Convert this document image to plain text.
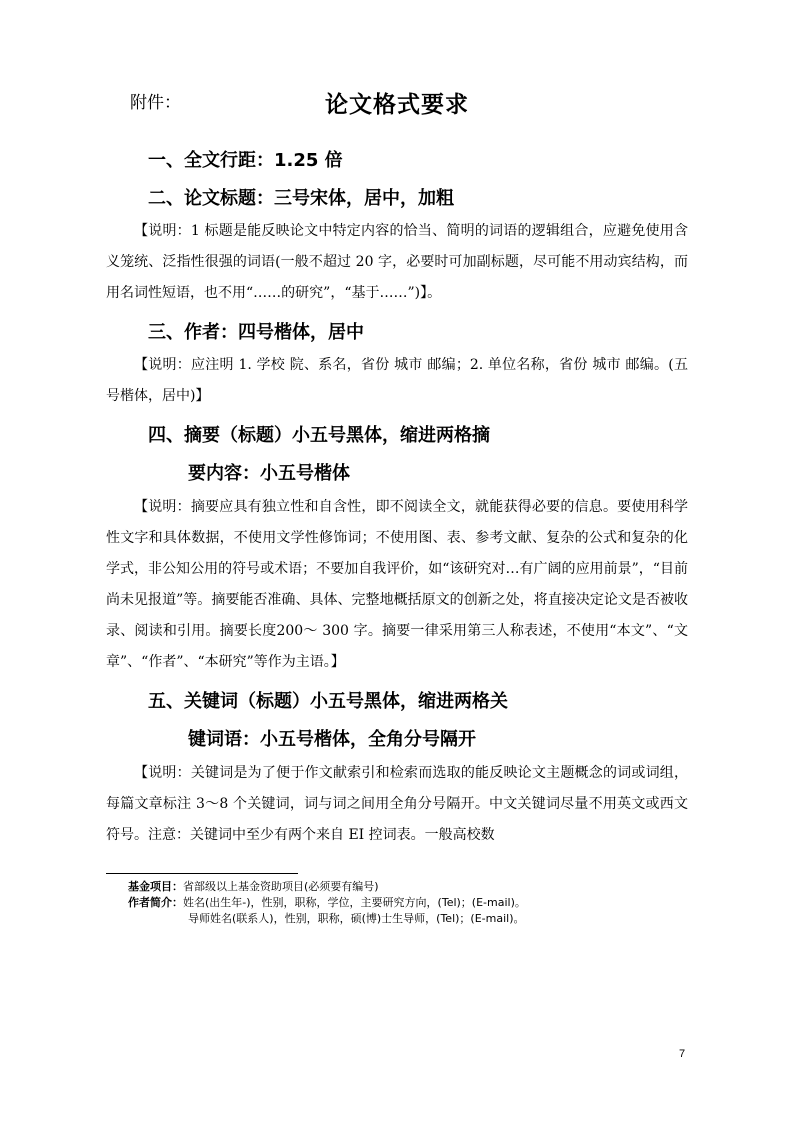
附件：	论文格式要求
一、全文行距：1.25 倍
二、论文标题：三号宋体，居中，加粗
【说明：1 标题是能反映论文中特定内容的恰当、简明的词语的逻辑组合，应避免使用含义笼统、泛指性很强的词语(一般不超过 20 字，必要时可加副标题，尽可能不用动宾结构，而用名词性短语，也不用“……的研究”，“基于……”)】。
三、作者：四号楷体，居中
【说明：应注明 1. 学校 院、系名，省份 城市 邮编；2. 单位名称，省份 城市 邮编。(五号楷体，居中)】
四、摘要（标题）小五号黑体，缩进两格摘
要内容：小五号楷体
【说明：摘要应具有独立性和自含性，即不阅读全文，就能获得必要的信息。要使用科学性文字和具体数据，不使用文学性修饰词；不使用图、表、参考文献、复杂的公式和复杂的化学式，非公知公用的符号或术语；不要加自我评价，如“该研究对…有广阔的应用前景”，“目前尚未见报道”等。摘要能否准确、具体、完整地概括原文的创新之处，将直接决定论文是否被收录、阅读和引用。摘要长度200～ 300 字。摘要一律采用第三人称表述，不使用“本文”、“文章”、“作者”、“本研究”等作为主语。】
五、关键词（标题）小五号黑体，缩进两格关
键词语：小五号楷体，全角分号隔开
【说明：关键词是为了便于作文献索引和检索而选取的能反映论文主题概念的词或词组，每篇文章标注 3～8 个关键词，词与词之间用全角分号隔开。中文关键词尽量不用英文或西文符号。注意：关键词中至少有两个来自 EI 控词表。一般高校数
基金项目：省部级以上基金资助项目(必须要有编号)
作者简介：姓名(出生年-)，性别，职称，学位，主要研究方向，(Tel)；(E-mail)。
导师姓名(联系人)，性别，职称，硕(博)士生导师，(Tel)；(E-mail)。
7
